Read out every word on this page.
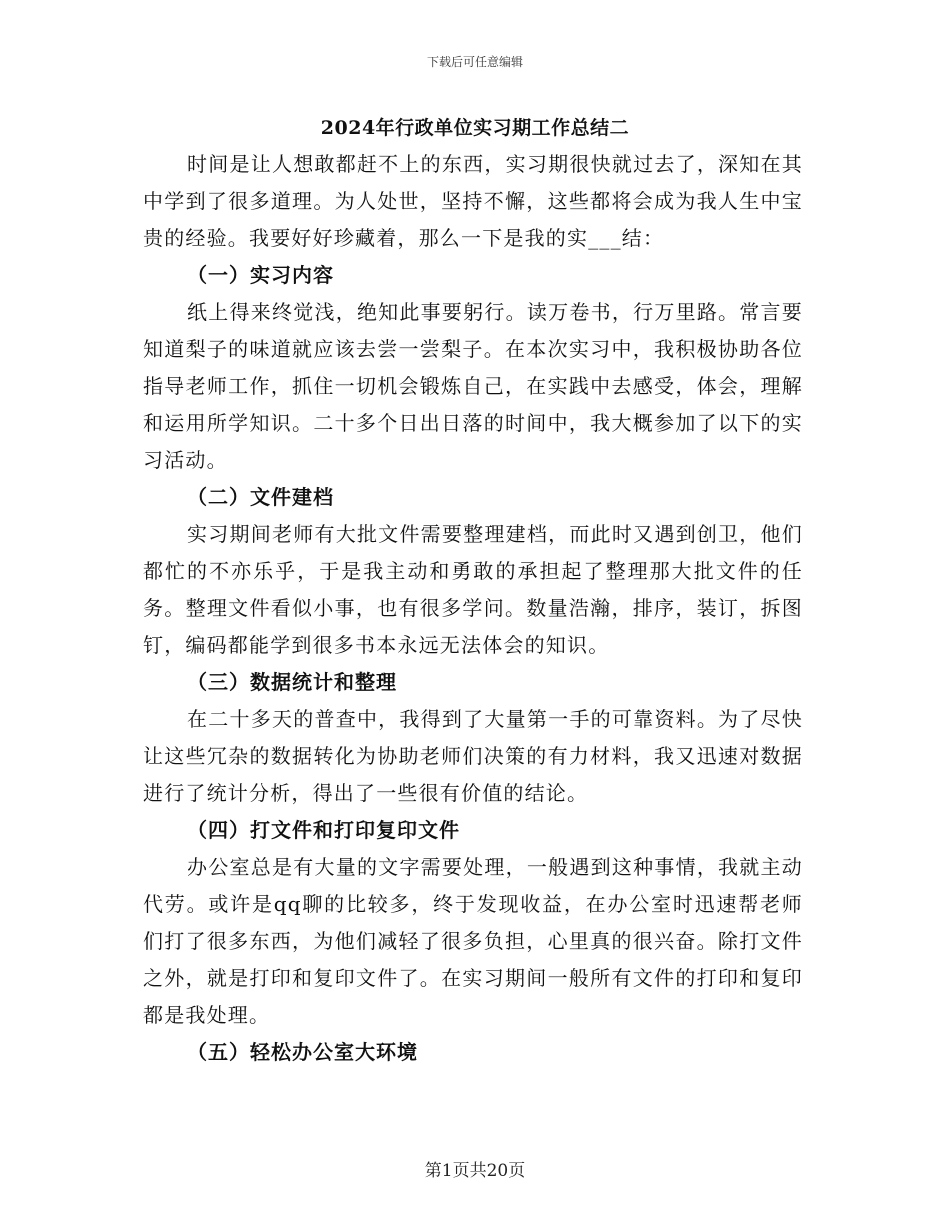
下载后可任意编辑
2024年行政单位实习期工作总结二

时间是让人想敢都赶不上的东西，实习期很快就过去了，深知在其中学到了很多道理。为人处世，坚持不懈，这些都将会成为我人生中宝贵的经验。我要好好珍藏着，那么一下是我的实___结：

（一）实习内容

纸上得来终觉浅，绝知此事要躬行。读万卷书，行万里路。常言要知道梨子的味道就应该去尝一尝梨子。在本次实习中，我积极协助各位指导老师工作，抓住一切机会锻炼自己，在实践中去感受，体会，理解和运用所学知识。二十多个日出日落的时间中，我大概参加了以下的实习活动。

（二）文件建档

实习期间老师有大批文件需要整理建档，而此时又遇到创卫，他们都忙的不亦乐乎，于是我主动和勇敢的承担起了整理那大批文件的任务。整理文件看似小事，也有很多学问。数量浩瀚，排序，装订，拆图钉，编码都能学到很多书本永远无法体会的知识。

（三）数据统计和整理

在二十多天的普查中，我得到了大量第一手的可靠资料。为了尽快让这些冗杂的数据转化为协助老师们决策的有力材料，我又迅速对数据进行了统计分析，得出了一些很有价值的结论。

（四）打文件和打印复印文件

办公室总是有大量的文字需要处理，一般遇到这种事情，我就主动代劳。或许是qq聊的比较多，终于发现收益，在办公室时迅速帮老师们打了很多东西，为他们减轻了很多负担，心里真的很兴奋。除打文件之外，就是打印和复印文件了。在实习期间一般所有文件的打印和复印都是我处理。

（五）轻松办公室大环境

第1页共20页
